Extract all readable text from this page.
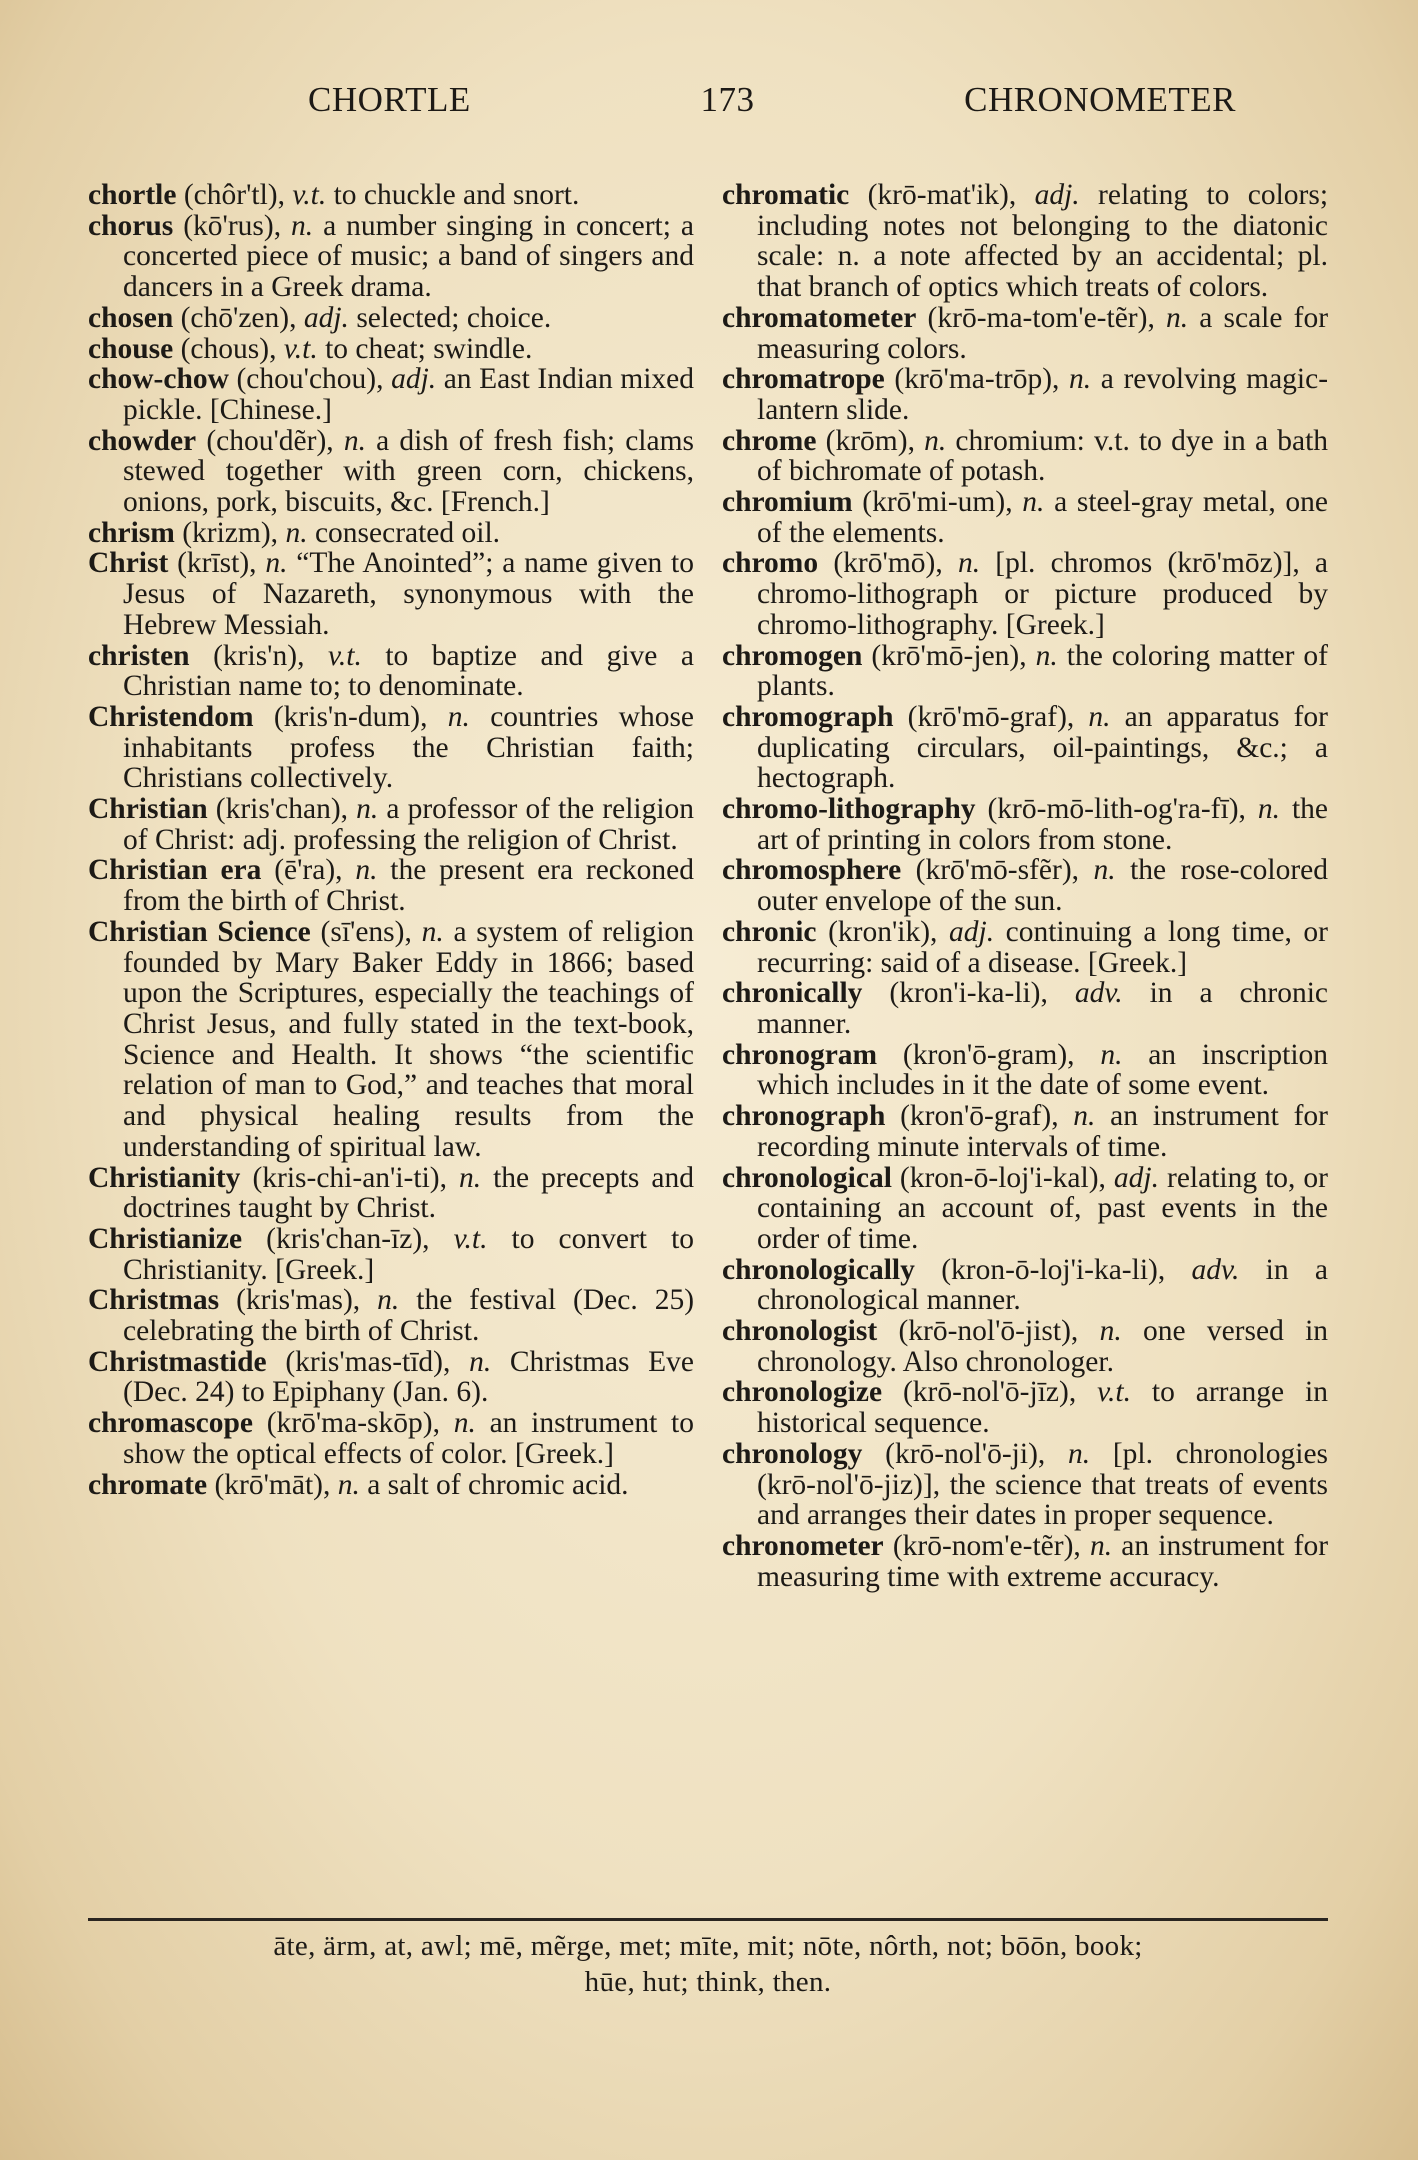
CHORTLE	173	CHRONOMETER
chortle (chôr'tl), v.t. to chuckle and snort.
chorus (kō'rus), n. a number singing in concert; a concerted piece of music; a band of singers and dancers in a Greek drama.
chosen (chō'zen), adj. selected; choice.
chouse (chous), v.t. to cheat; swindle.
chow-chow (chou'chou), adj. an East Indian mixed pickle. [Chinese.]
chowder (chou'dẽr), n. a dish of fresh fish; clams stewed together with green corn, chickens, onions, pork, biscuits, &c. [French.]
chrism (krizm), n. consecrated oil.
Christ (krīst), n. “The Anointed”; a name given to Jesus of Nazareth, synonymous with the Hebrew Messiah.
christen (kris'n), v.t. to baptize and give a Christian name to; to denominate.
Christendom (kris'n-dum), n. countries whose inhabitants profess the Christian faith; Christians collectively.
Christian (kris'chan), n. a professor of the religion of Christ: adj. professing the religion of Christ.
Christian era (ē'ra), n. the present era reckoned from the birth of Christ.
Christian Science (sī'ens), n. a system of religion founded by Mary Baker Eddy in 1866; based upon the Scriptures, especially the teachings of Christ Jesus, and fully stated in the text-book, Science and Health. It shows “the scientific relation of man to God,” and teaches that moral and physical healing results from the understanding of spiritual law.
Christianity (kris-chi-an'i-ti), n. the precepts and doctrines taught by Christ.
Christianize (kris'chan-īz), v.t. to convert to Christianity. [Greek.]
Christmas (kris'mas), n. the festival (Dec. 25) celebrating the birth of Christ.
Christmastide (kris'mas-tīd), n. Christmas Eve (Dec. 24) to Epiphany (Jan. 6).
chromascope (krō'ma-skōp), n. an instrument to show the optical effects of color. [Greek.]
chromate (krō'māt), n. a salt of chromic acid.
chromatic (krō-mat'ik), adj. relating to colors; including notes not belonging to the diatonic scale: n. a note affected by an accidental; pl. that branch of optics which treats of colors.
chromatometer (krō-ma-tom'e-tẽr), n. a scale for measuring colors.
chromatrope (krō'ma-trōp), n. a revolving magic-lantern slide.
chrome (krōm), n. chromium: v.t. to dye in a bath of bichromate of potash.
chromium (krō'mi-um), n. a steel-gray metal, one of the elements.
chromo (krō'mō), n. [pl. chromos (krō'mōz)], a chromo-lithograph or picture produced by chromo-lithography. [Greek.]
chromogen (krō'mō-jen), n. the coloring matter of plants.
chromograph (krō'mō-graf), n. an apparatus for duplicating circulars, oil-paintings, &c.; a hectograph.
chromo-lithography (krō-mō-lith-og'ra-fī), n. the art of printing in colors from stone.
chromosphere (krō'mō-sfẽr), n. the rose-colored outer envelope of the sun.
chronic (kron'ik), adj. continuing a long time, or recurring: said of a disease. [Greek.]
chronically (kron'i-ka-li), adv. in a chronic manner.
chronogram (kron'ō-gram), n. an inscription which includes in it the date of some event.
chronograph (kron'ō-graf), n. an instrument for recording minute intervals of time.
chronological (kron-ō-loj'i-kal), adj. relating to, or containing an account of, past events in the order of time.
chronologically (kron-ō-loj'i-ka-li), adv. in a chronological manner.
chronologist (krō-nol'ō-jist), n. one versed in chronology. Also chronologer.
chronologize (krō-nol'ō-jīz), v.t. to arrange in historical sequence.
chronology (krō-nol'ō-ji), n. [pl. chronologies (krō-nol'ō-jiz)], the science that treats of events and arranges their dates in proper sequence.
chronometer (krō-nom'e-tẽr), n. an instrument for measuring time with extreme accuracy.
āte, ärm, at, awl; mē, mẽrge, met; mīte, mit; nōte, nôrth, not; bōōn, book;
hūe, hut; think, then.
